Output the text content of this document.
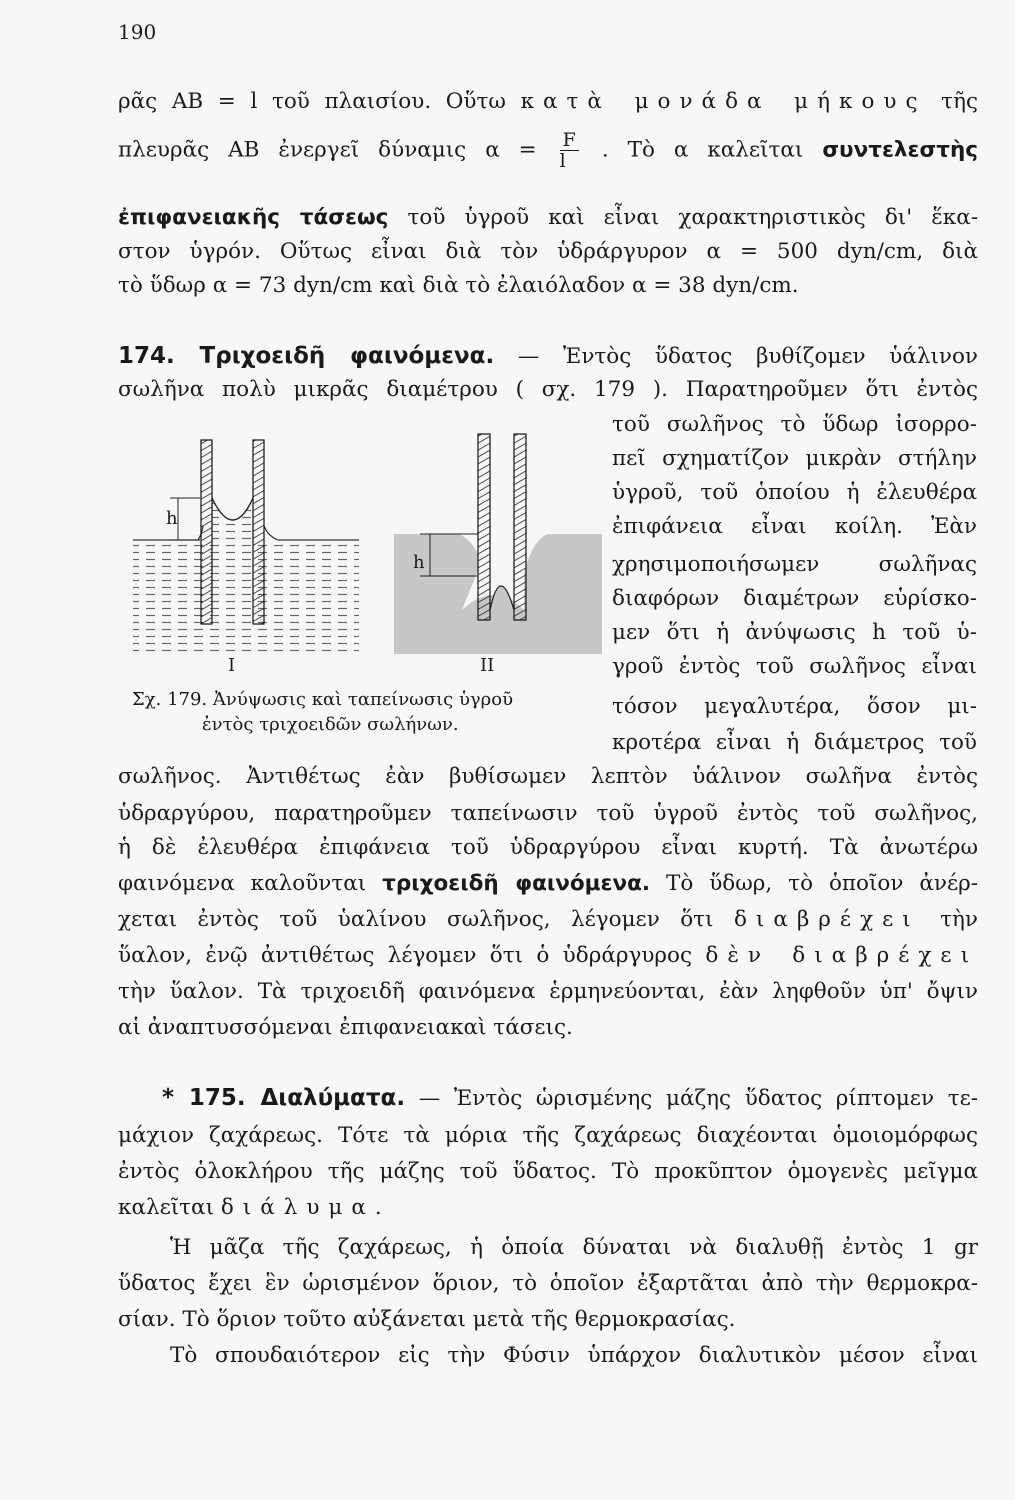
190
ρᾶς ΑΒ = l τοῦ πλαισίου. Οὕτω κατὰ μονάδα μήκους τῆς
πλευρᾶς ΑΒ ἐνεργεῖ δύναμις $\alpha = \frac{F}{l}$ . Τὸ α καλεῖται συντελεστὴς
ἐπιφανειακῆς τάσεως τοῦ ὑγροῦ καὶ εἶναι χαρακτηριστικὸς δι' ἕκα-
στον ὑγρόν. Οὕτως εἶναι διὰ τὸν ὑδράργυρον α = 500 dyn/cm, διὰ
τὸ ὕδωρ α = 73 dyn/cm καὶ διὰ τὸ ἐλαιόλαδον α = 38 dyn/cm.
174. Τριχοειδῆ φαινόμενα. — Ἐντὸς ὕδατος βυθίζομεν ὑάλινον
σωλῆνα πολὺ μικρᾶς διαμέτρου ( σχ. 179 ). Παρατηροῦμεν ὅτι ἐντὸς
τοῦ σωλῆνος τὸ ὕδωρ ἰσορρο-
πεῖ σχηματίζον μικρὰν στήλην
ὑγροῦ, τοῦ ὁποίου ἡ ἐλευθέρα
ἐπιφάνεια εἶναι κοίλη. Ἐὰν
χρησιμοποιήσωμεν σωλῆνας
διαφόρων διαμέτρων εὑρίσκο-
μεν ὅτι ἡ ἀνύψωσις h τοῦ ὑ-
γροῦ ἐντὸς τοῦ σωλῆνος εἶναι
τόσον μεγαλυτέρα, ὅσον μι-
κροτέρα εἶναι ἡ διάμετρος τοῦ
h
h
I	II
Σχ. 179. Ἀνύψωσις καὶ ταπείνωσις ὑγροῦ
ἐντὸς τριχοειδῶν σωλήνων.
σωλῆνος. Ἀντιθέτως ἐὰν βυθίσωμεν λεπτὸν ὑάλινον σωλῆνα ἐντὸς
ὑδραργύρου, παρατηροῦμεν ταπείνωσιν τοῦ ὑγροῦ ἐντὸς τοῦ σωλῆνος,
ἡ δὲ ἐλευθέρα ἐπιφάνεια τοῦ ὑδραργύρου εἶναι κυρτή. Τὰ ἀνωτέρω
φαινόμενα καλοῦνται τριχοειδῆ φαινόμενα. Τὸ ὕδωρ, τὸ ὁποῖον ἀνέρ-
χεται ἐντὸς τοῦ ὑαλίνου σωλῆνος, λέγομεν ὅτι διαβρέχει τὴν
ὕαλον, ἐνῷ ἀντιθέτως λέγομεν ὅτι ὁ ὑδράργυρος δὲν διαβρέχει
τὴν ὕαλον. Τὰ τριχοειδῆ φαινόμενα ἑρμηνεύονται, ἐὰν ληφθοῦν ὑπ' ὄψιν
αἱ ἀναπτυσσόμεναι ἐπιφανειακαὶ τάσεις.
* 175. Διαλύματα. — Ἐντὸς ὡρισμένης μάζης ὕδατος ρίπτομεν τε-
μάχιον ζαχάρεως. Τότε τὰ μόρια τῆς ζαχάρεως διαχέονται ὁμοιομόρφως
ἐντὸς ὁλοκλήρου τῆς μάζης τοῦ ὕδατος. Τὸ προκῦπτον ὁμογενὲς μεῖγμα
καλεῖται διάλυμα.
Ἡ μᾶζα τῆς ζαχάρεως, ἡ ὁποία δύναται νὰ διαλυθῇ ἐντὸς 1 gr
ὕδατος ἔχει ἓν ὡρισμένον ὅριον, τὸ ὁποῖον ἐξαρτᾶται ἀπὸ τὴν θερμοκρα-
σίαν. Τὸ ὅριον τοῦτο αὐξάνεται μετὰ τῆς θερμοκρασίας.
Τὸ σπουδαιότερον εἰς τὴν Φύσιν ὑπάρχον διαλυτικὸν μέσον εἶναι
